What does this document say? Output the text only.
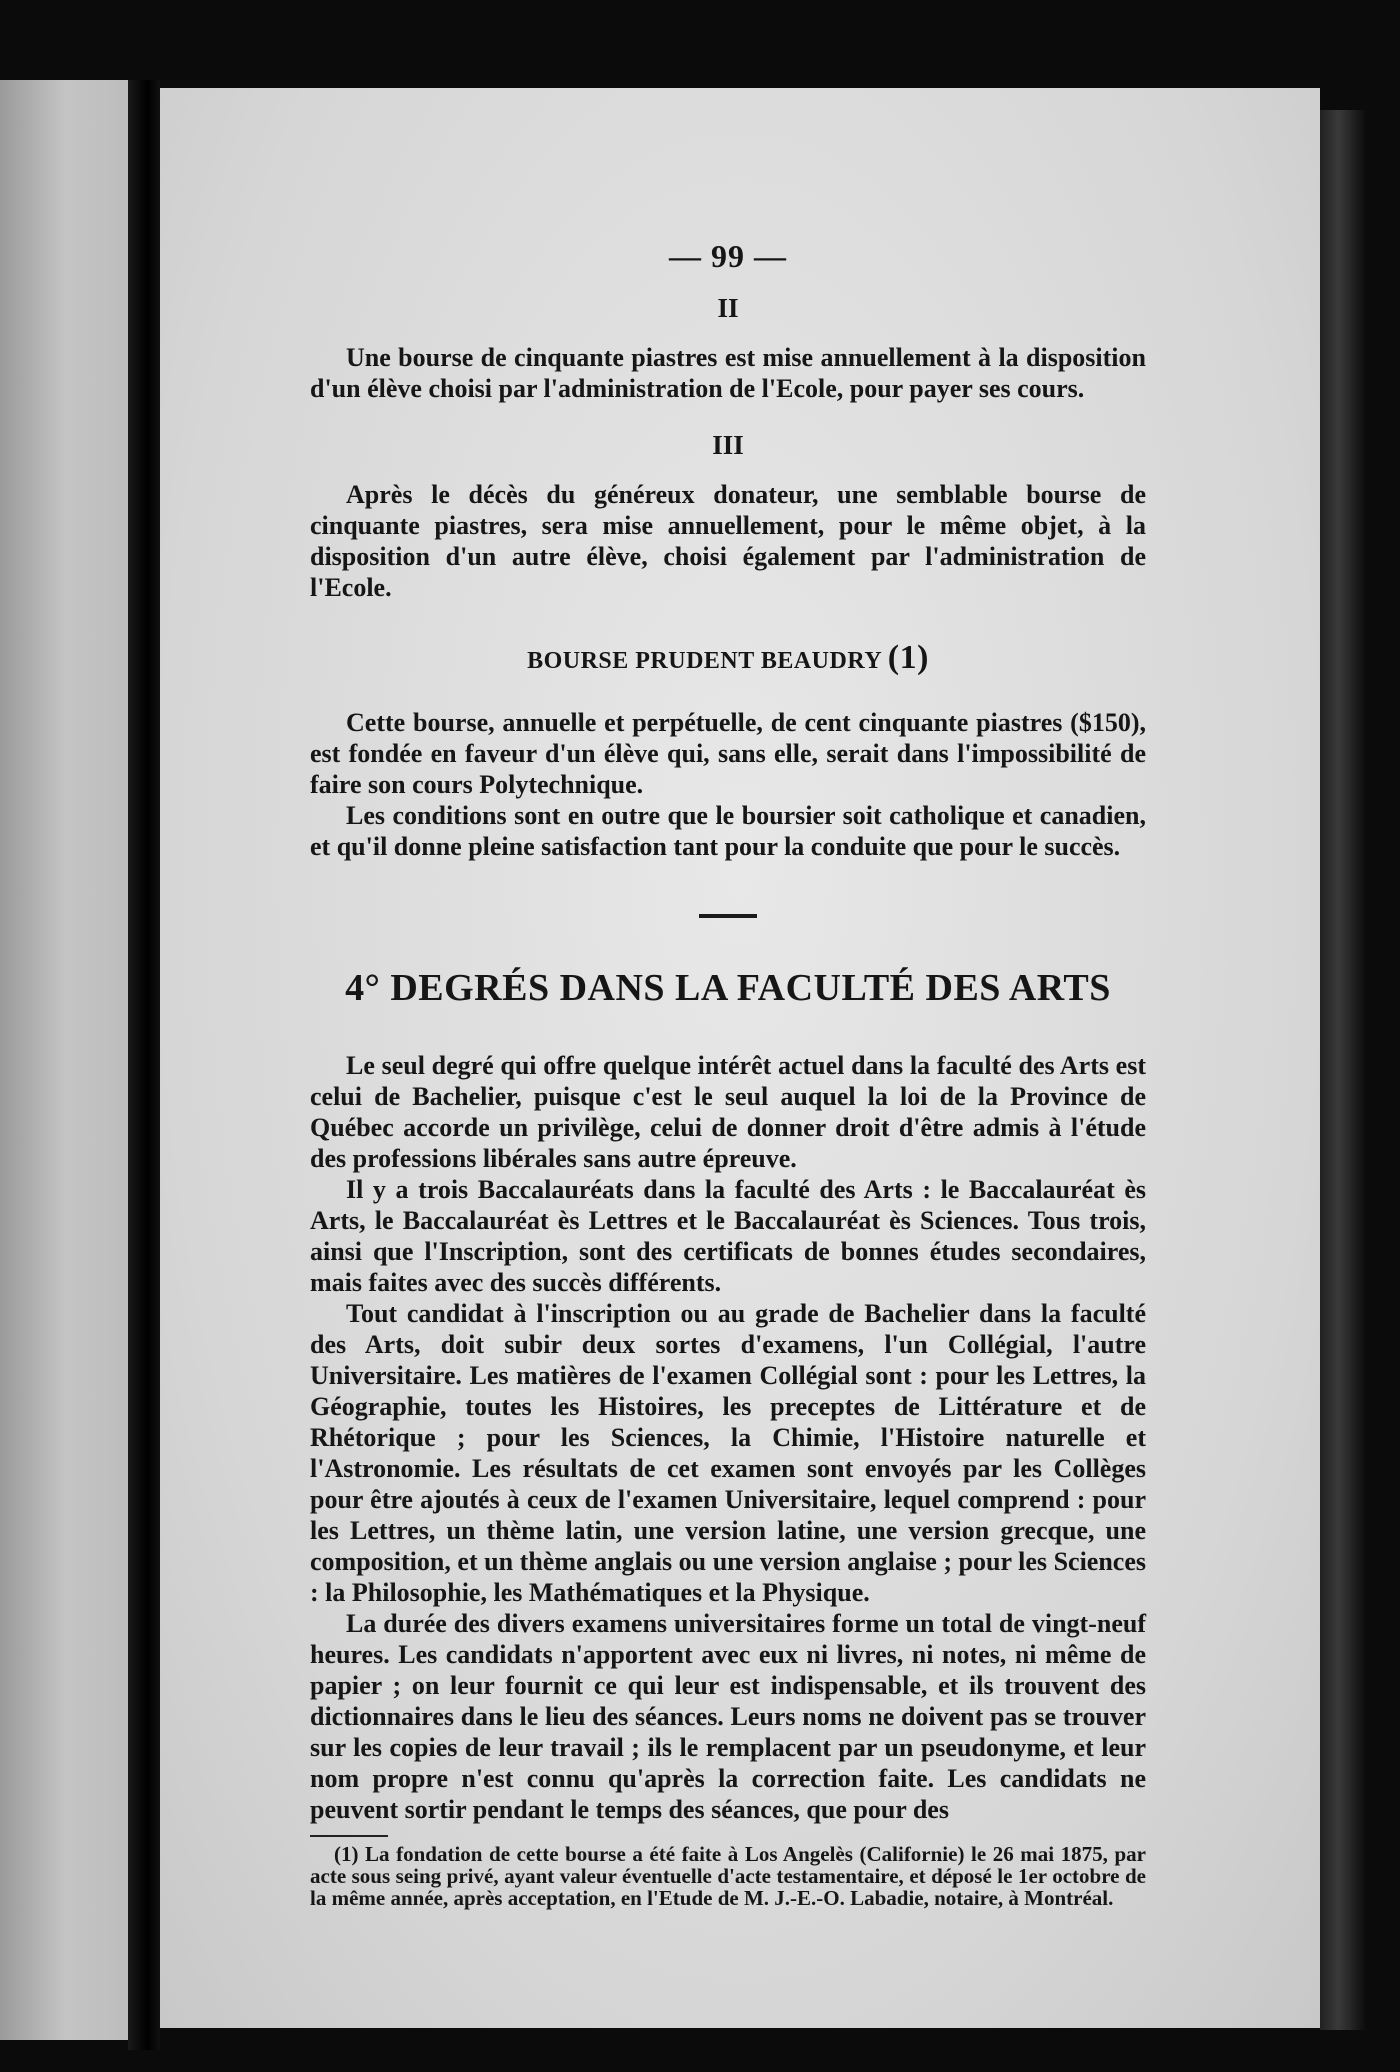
— 99 —
II

Une bourse de cinquante piastres est mise annuellement à la disposition d'un élève choisi par l'administration de l'Ecole, pour payer ses cours.

III

Après le décès du généreux donateur, une semblable bourse de cinquante piastres, sera mise annuellement, pour le même objet, à la disposition d'un autre élève, choisi également par l'administration de l'Ecole.

BOURSE PRUDENT BEAUDRY (1)

Cette bourse, annuelle et perpétuelle, de cent cinquante piastres ($150), est fondée en faveur d'un élève qui, sans elle, serait dans l'impossibilité de faire son cours Polytechnique.

Les conditions sont en outre que le boursier soit catholique et canadien, et qu'il donne pleine satisfaction tant pour la conduite que pour le succès.

4° DEGRÉS DANS LA FACULTÉ DES ARTS

Le seul degré qui offre quelque intérêt actuel dans la faculté des Arts est celui de Bachelier, puisque c'est le seul auquel la loi de la Province de Québec accorde un privilège, celui de donner droit d'être admis à l'étude des professions libérales sans autre épreuve.

Il y a trois Baccalauréats dans la faculté des Arts : le Baccalauréat ès Arts, le Baccalauréat ès Lettres et le Baccalauréat ès Sciences. Tous trois, ainsi que l'Inscription, sont des certificats de bonnes études secondaires, mais faites avec des succès différents.

Tout candidat à l'inscription ou au grade de Bachelier dans la faculté des Arts, doit subir deux sortes d'examens, l'un Collégial, l'autre Universitaire. Les matières de l'examen Collégial sont : pour les Lettres, la Géographie, toutes les Histoires, les preceptes de Littérature et de Rhétorique ; pour les Sciences, la Chimie, l'Histoire naturelle et l'Astronomie. Les résultats de cet examen sont envoyés par les Collèges pour être ajoutés à ceux de l'examen Universitaire, lequel comprend : pour les Lettres, un thème latin, une version latine, une version grecque, une composition, et un thème anglais ou une version anglaise ; pour les Sciences : la Philosophie, les Mathématiques et la Physique.

La durée des divers examens universitaires forme un total de vingt-neuf heures. Les candidats n'apportent avec eux ni livres, ni notes, ni même de papier ; on leur fournit ce qui leur est indispensable, et ils trouvent des dictionnaires dans le lieu des séances. Leurs noms ne doivent pas se trouver sur les copies de leur travail ; ils le remplacent par un pseudonyme, et leur nom propre n'est connu qu'après la correction faite. Les candidats ne peuvent sortir pendant le temps des séances, que pour des

(1) La fondation de cette bourse a été faite à Los Angelès (Californie) le 26 mai 1875, par acte sous seing privé, ayant valeur éventuelle d'acte testamentaire, et déposé le 1er octobre de la même année, après acceptation, en l'Etude de M. J.-E.-O. Labadie, notaire, à Montréal.
